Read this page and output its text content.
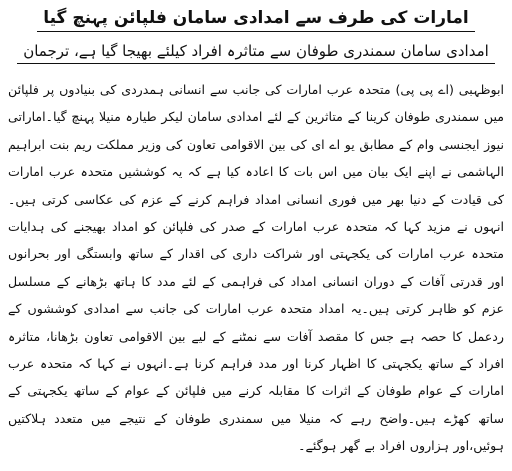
امارات کی طرف سے امدادی سامان فلپائن پہنچ گیا
امدادی سامان سمندری طوفان سے متاثرہ افراد کیلئے بھیجا گیا ہے، ترجمان
ابوظہبی (اے پی پی) متحدہ عرب امارات کی جانب سے انسانی ہمدردی کی بنیادوں پر فلپائن میں سمندری طوفان کرینا کے متاثرین کے لئے امدادی سامان لیکر طیارہ منیلا پہنچ گیا۔اماراتی نیوز ایجنسی وام کے مطابق یو اے ای کی بین الاقوامی تعاون کی وزیر مملکت ریم بنت ابراہیم الہاشمی نے اپنے ایک بیان میں اس بات کا اعادہ کیا ہے کہ یہ کوششیں متحدہ عرب امارات کی قیادت کے دنیا بھر میں فوری انسانی امداد فراہم کرنے کے عزم کی عکاسی کرتی ہیں۔انہوں نے مزید کہا کہ متحدہ عرب امارات کے صدر کی فلپائن کو امداد بھیجنے کی ہدایات متحدہ عرب امارات کی یکجہتی اور شراکت داری کی اقدار کے ساتھ وابستگی اور بحرانوں اور قدرتی آفات کے دوران انسانی امداد کی فراہمی کے لئے مدد کا ہاتھ بڑھانے کے مسلسل عزم کو ظاہر کرتی ہیں۔یہ امداد متحدہ عرب امارات کی جانب سے امدادی کوششوں کے ردعمل کا حصہ ہے جس کا مقصد آفات سے نمٹنے کے لیے بین الاقوامی تعاون بڑھانا، متاثرہ افراد کے ساتھ یکجہتی کا اظہار کرنا اور مدد فراہم کرنا ہے۔انہوں نے کہا کہ متحدہ عرب امارات کے عوام طوفان کے اثرات کا مقابلہ کرنے میں فلپائن کے عوام کے ساتھ یکجہتی کے ساتھ کھڑے ہیں۔واضح رہے کہ منیلا میں سمندری طوفان کے نتیجے میں متعدد ہلاکتیں ہوئیں،اور ہزاروں افراد بے گھر ہوگئے۔
